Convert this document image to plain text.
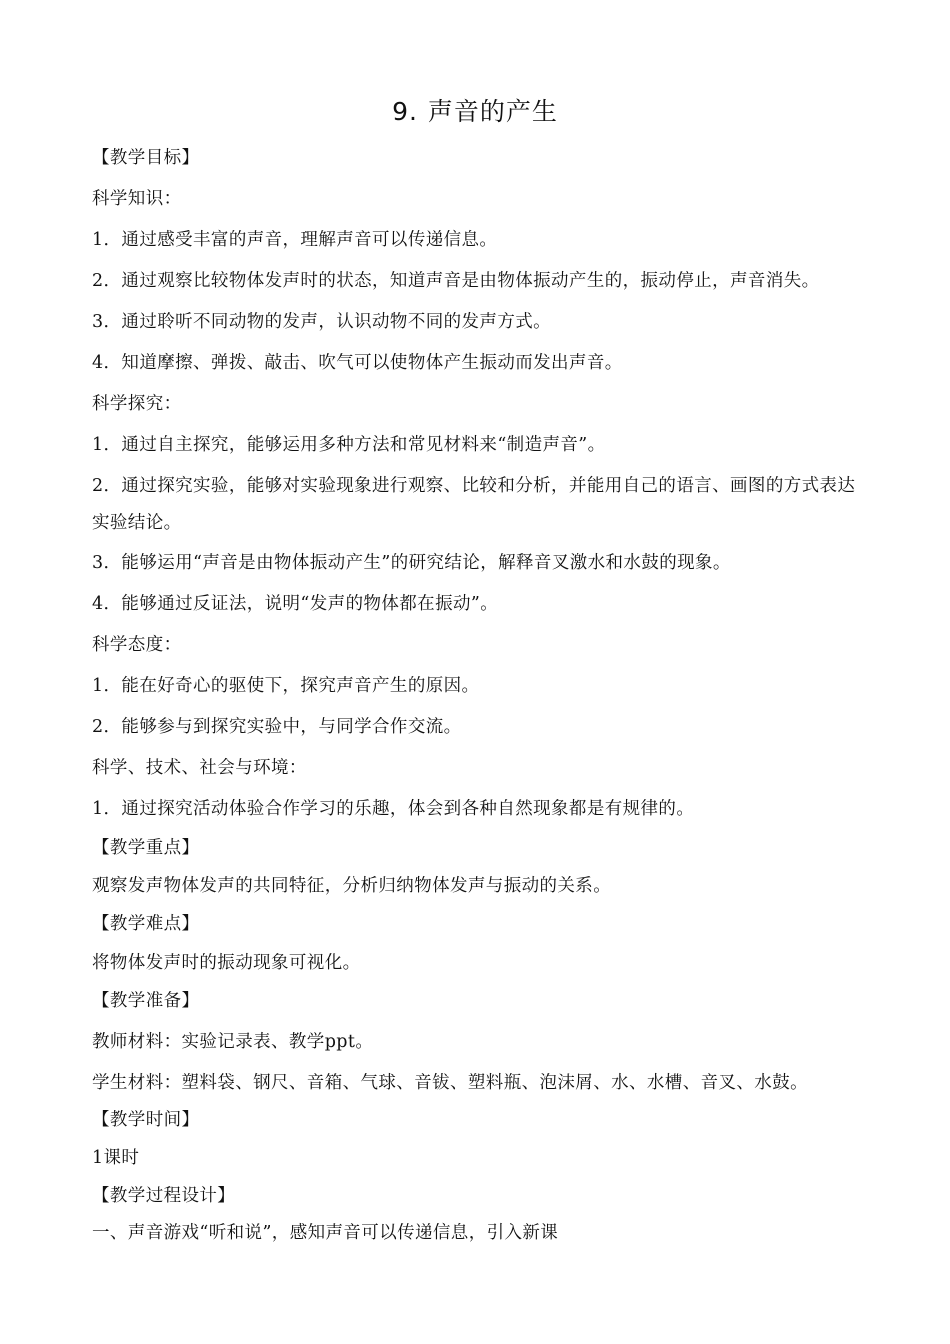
9. 声音的产生
【教学目标】
科学知识：
1．通过感受丰富的声音，理解声音可以传递信息。
2．通过观察比较物体发声时的状态，知道声音是由物体振动产生的，振动停止，声音消失。
3．通过聆听不同动物的发声，认识动物不同的发声方式。
4．知道摩擦、弹拨、敲击、吹气可以使物体产生振动而发出声音。
科学探究：
1．通过自主探究，能够运用多种方法和常见材料来“制造声音”。
2．通过探究实验，能够对实验现象进行观察、比较和分析，并能用自己的语言、画图的方式表达实验结论。
3．能够运用“声音是由物体振动产生”的研究结论，解释音叉激水和水鼓的现象。
4．能够通过反证法，说明“发声的物体都在振动”。
科学态度：
1．能在好奇心的驱使下，探究声音产生的原因。
2．能够参与到探究实验中，与同学合作交流。
科学、技术、社会与环境：
1．通过探究活动体验合作学习的乐趣，体会到各种自然现象都是有规律的。
【教学重点】
观察发声物体发声的共同特征，分析归纳物体发声与振动的关系。
【教学难点】
将物体发声时的振动现象可视化。
【教学准备】
教师材料：实验记录表、教学ppt。
学生材料：塑料袋、钢尺、音箱、气球、音钹、塑料瓶、泡沫屑、水、水槽、音叉、水鼓。
【教学时间】
1课时
【教学过程设计】
一、声音游戏“听和说”，感知声音可以传递信息，引入新课
